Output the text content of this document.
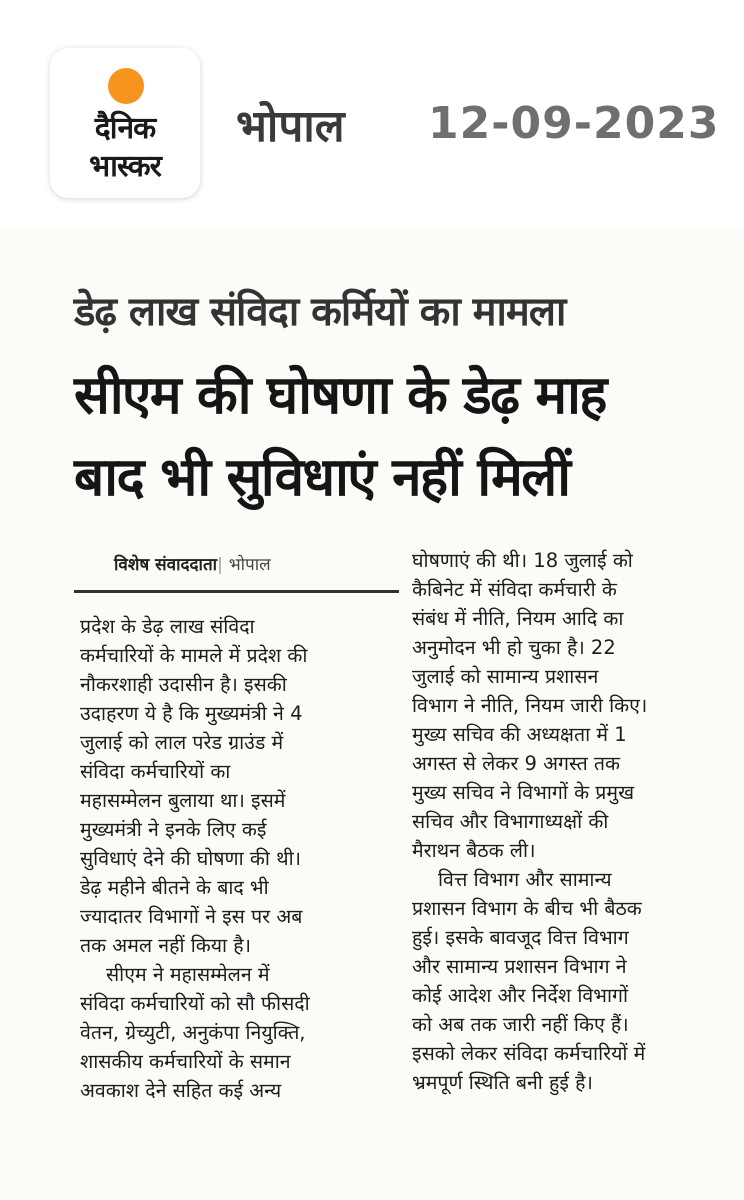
दैनिक
भास्कर
भोपाल 12-09-2023
डेढ़ लाख संविदा कर्मियों का मामला
सीएम की घोषणा के डेढ़ माह
बाद भी सुविधाएं नहीं मिलीं
विशेष संवाददाता| भोपाल
प्रदेश के डेढ़ लाख संविदा
कर्मचारियों के मामले में प्रदेश की
नौकरशाही उदासीन है। इसकी
उदाहरण ये है कि मुख्यमंत्री ने 4
जुलाई को लाल परेड ग्राउंड में
संविदा कर्मचारियों का
महासम्मेलन बुलाया था। इसमें
मुख्यमंत्री ने इनके लिए कई
सुविधाएं देने की घोषणा की थी।
डेढ़ महीने बीतने के बाद भी
ज्यादातर विभागों ने इस पर अब
तक अमल नहीं किया है।
सीएम ने महासम्मेलन में
संविदा कर्मचारियों को सौ फीसदी
वेतन, ग्रेच्युटी, अनुकंपा नियुक्ति,
शासकीय कर्मचारियों के समान
अवकाश देने सहित कई अन्य
घोषणाएं की थी। 18 जुलाई को
कैबिनेट में संविदा कर्मचारी के
संबंध में नीति, नियम आदि का
अनुमोदन भी हो चुका है। 22
जुलाई को सामान्य प्रशासन
विभाग ने नीति, नियम जारी किए।
मुख्य सचिव की अध्यक्षता में 1
अगस्त से लेकर 9 अगस्त तक
मुख्य सचिव ने विभागों के प्रमुख
सचिव और विभागाध्यक्षों की
मैराथन बैठक ली।
वित्त विभाग और सामान्य
प्रशासन विभाग के बीच भी बैठक
हुई। इसके बावजूद वित्त विभाग
और सामान्य प्रशासन विभाग ने
कोई आदेश और निर्देश विभागों
को अब तक जारी नहीं किए हैं।
इसको लेकर संविदा कर्मचारियों में
भ्रमपूर्ण स्थिति बनी हुई है।
